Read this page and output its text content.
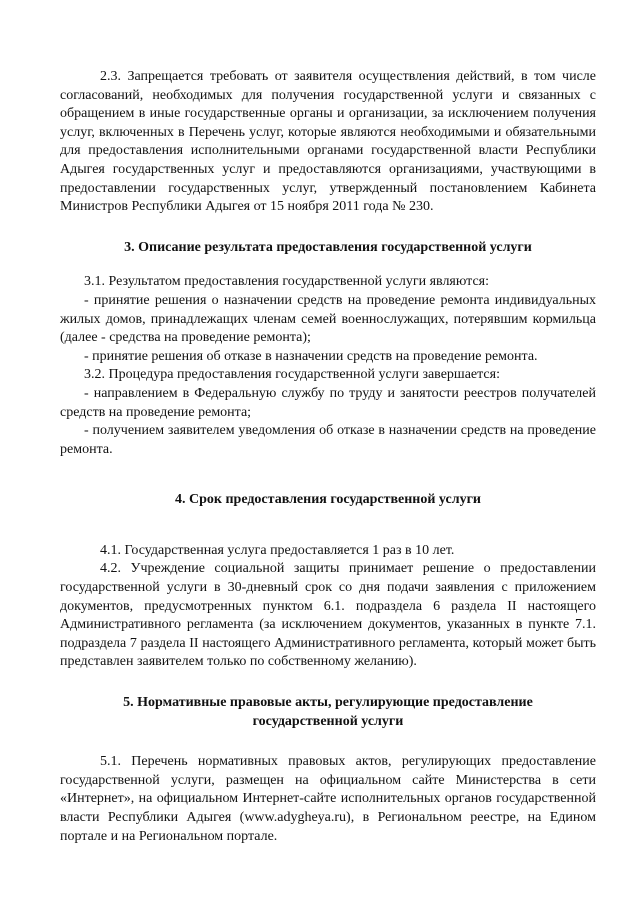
2.3. Запрещается требовать от заявителя осуществления действий, в том числе согласований, необходимых для получения государственной услуги и связанных с обращением в иные государственные органы и организации, за исключением получения услуг, включенных в Перечень услуг, которые являются необходимыми и обязательными для предоставления исполнительными органами государственной власти Республики Адыгея государственных услуг и предоставляются организациями, участвующими в предоставлении государственных услуг, утвержденный постановлением Кабинета Министров Республики Адыгея от 15 ноября 2011 года № 230.

3. Описание результата предоставления государственной услуги

3.1. Результатом предоставления государственной услуги являются:

- принятие решения о назначении средств на проведение ремонта индивидуальных жилых домов, принадлежащих членам семей военнослужащих, потерявшим кормильца (далее - средства на проведение ремонта);

- принятие решения об отказе в назначении средств на проведение ремонта.

3.2. Процедура предоставления государственной услуги завершается:

- направлением в Федеральную службу по труду и занятости реестров получателей средств на проведение ремонта;

- получением заявителем уведомления об отказе в назначении средств на проведение ремонта.

4. Срок предоставления государственной услуги

4.1. Государственная услуга предоставляется 1 раз в 10 лет.

4.2. Учреждение социальной защиты принимает решение о предоставлении государственной услуги в 30-дневный срок со дня подачи заявления с приложением документов, предусмотренных пунктом 6.1. подраздела 6 раздела II настоящего Административного регламента (за исключением документов, указанных в пункте 7.1. подраздела 7 раздела II настоящего Административного регламента, который может быть представлен заявителем только по собственному желанию).

5. Нормативные правовые акты, регулирующие предоставление

государственной услуги

5.1. Перечень нормативных правовых актов, регулирующих предоставление государственной услуги, размещен на официальном сайте Министерства в сети «Интернет», на официальном Интернет-сайте исполнительных органов государственной власти Республики Адыгея (www.adygheya.ru), в Региональном реестре, на Едином портале и на Региональном портале.
